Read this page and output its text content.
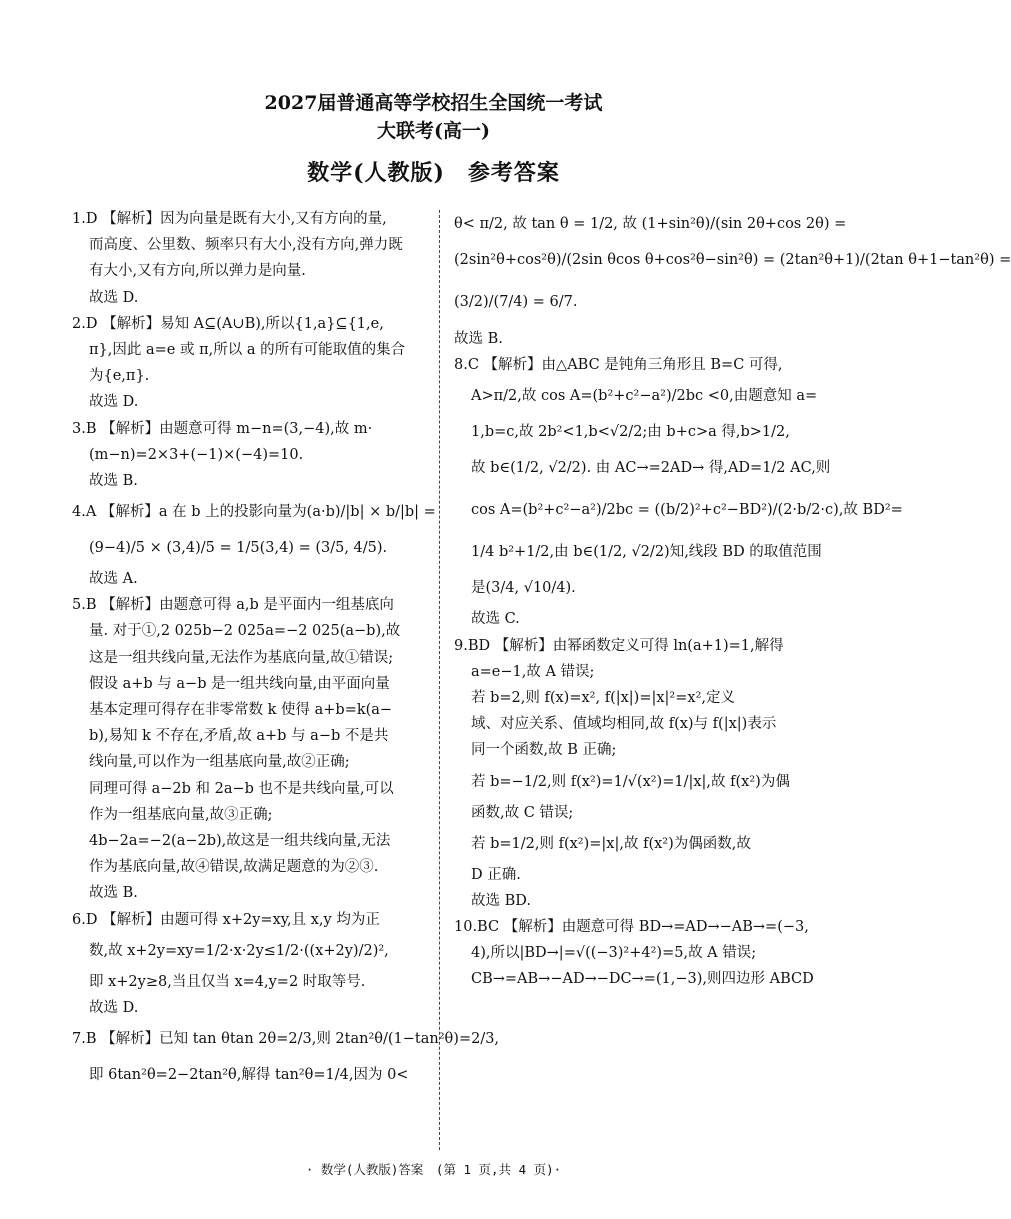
2027届普通高等学校招生全国统一考试
大联考(高一)
数学(人教版)　参考答案
1.D 【解析】因为向量是既有大小,又有方向的量,
而高度、公里数、频率只有大小,没有方向,弹力既
有大小,又有方向,所以弹力是向量.
故选 D.
2.D 【解析】易知 A⊆(A∪B),所以{1,a}⊆{1,e,
π},因此 a=e 或 π,所以 a 的所有可能取值的集合
为{e,π}.
故选 D.
3.B 【解析】由题意可得 m−n=(3,−4),故 m·
(m−n)=2×3+(−1)×(−4)=10.
故选 B.
4.A 【解析】a 在 b 上的投影向量为(a·b)/|b| × b/|b| =
(9−4)/5 × (3,4)/5 = 1/5(3,4) = (3/5, 4/5).
故选 A.
5.B 【解析】由题意可得 a,b 是平面内一组基底向
量. 对于①,2 025b−2 025a=−2 025(a−b),故
这是一组共线向量,无法作为基底向量,故①错误;
假设 a+b 与 a−b 是一组共线向量,由平面向量
基本定理可得存在非零常数 k 使得 a+b=k(a−
b),易知 k 不存在,矛盾,故 a+b 与 a−b 不是共
线向量,可以作为一组基底向量,故②正确;
同理可得 a−2b 和 2a−b 也不是共线向量,可以
作为一组基底向量,故③正确;
4b−2a=−2(a−2b),故这是一组共线向量,无法
作为基底向量,故④错误,故满足题意的为②③.
故选 B.
6.D 【解析】由题可得 x+2y=xy,且 x,y 均为正
数,故 x+2y=xy=1/2·x·2y≤1/2·((x+2y)/2)²,
即 x+2y≥8,当且仅当 x=4,y=2 时取等号.
故选 D.
7.B 【解析】已知 tan θtan 2θ=2/3,则 2tan²θ/(1−tan²θ)=2/3,
即 6tan²θ=2−2tan²θ,解得 tan²θ=1/4,因为 0<
θ< π/2, 故 tan θ = 1/2, 故 (1+sin²θ)/(sin 2θ+cos 2θ) =
(2sin²θ+cos²θ)/(2sin θcos θ+cos²θ−sin²θ) = (2tan²θ+1)/(2tan θ+1−tan²θ) =
(3/2)/(7/4) = 6/7.
故选 B.
8.C 【解析】由△ABC 是钝角三角形且 B=C 可得,
A>π/2,故 cos A=(b²+c²−a²)/2bc <0,由题意知 a=
1,b=c,故 2b²<1,b<√2/2;由 b+c>a 得,b>1/2,
故 b∈(1/2, √2/2). 由 AC→=2AD→ 得,AD=1/2 AC,则
cos A=(b²+c²−a²)/2bc = ((b/2)²+c²−BD²)/(2·b/2·c),故 BD²=
1/4 b²+1/2,由 b∈(1/2, √2/2)知,线段 BD 的取值范围
是(3/4, √10/4).
故选 C.
9.BD 【解析】由幂函数定义可得 ln(a+1)=1,解得
a=e−1,故 A 错误;
若 b=2,则 f(x)=x², f(|x|)=|x|²=x²,定义
域、对应关系、值域均相同,故 f(x)与 f(|x|)表示
同一个函数,故 B 正确;
若 b=−1/2,则 f(x²)=1/√(x²)=1/|x|,故 f(x²)为偶
函数,故 C 错误;
若 b=1/2,则 f(x²)=|x|,故 f(x²)为偶函数,故
D 正确.
故选 BD.
10.BC 【解析】由题意可得 BD→=AD→−AB→=(−3,
4),所以|BD→|=√((−3)²+4²)=5,故 A 错误;
CB→=AB→−AD→−DC→=(1,−3),则四边形 ABCD
· 数学(人教版)答案　(第 1 页,共 4 页)·
